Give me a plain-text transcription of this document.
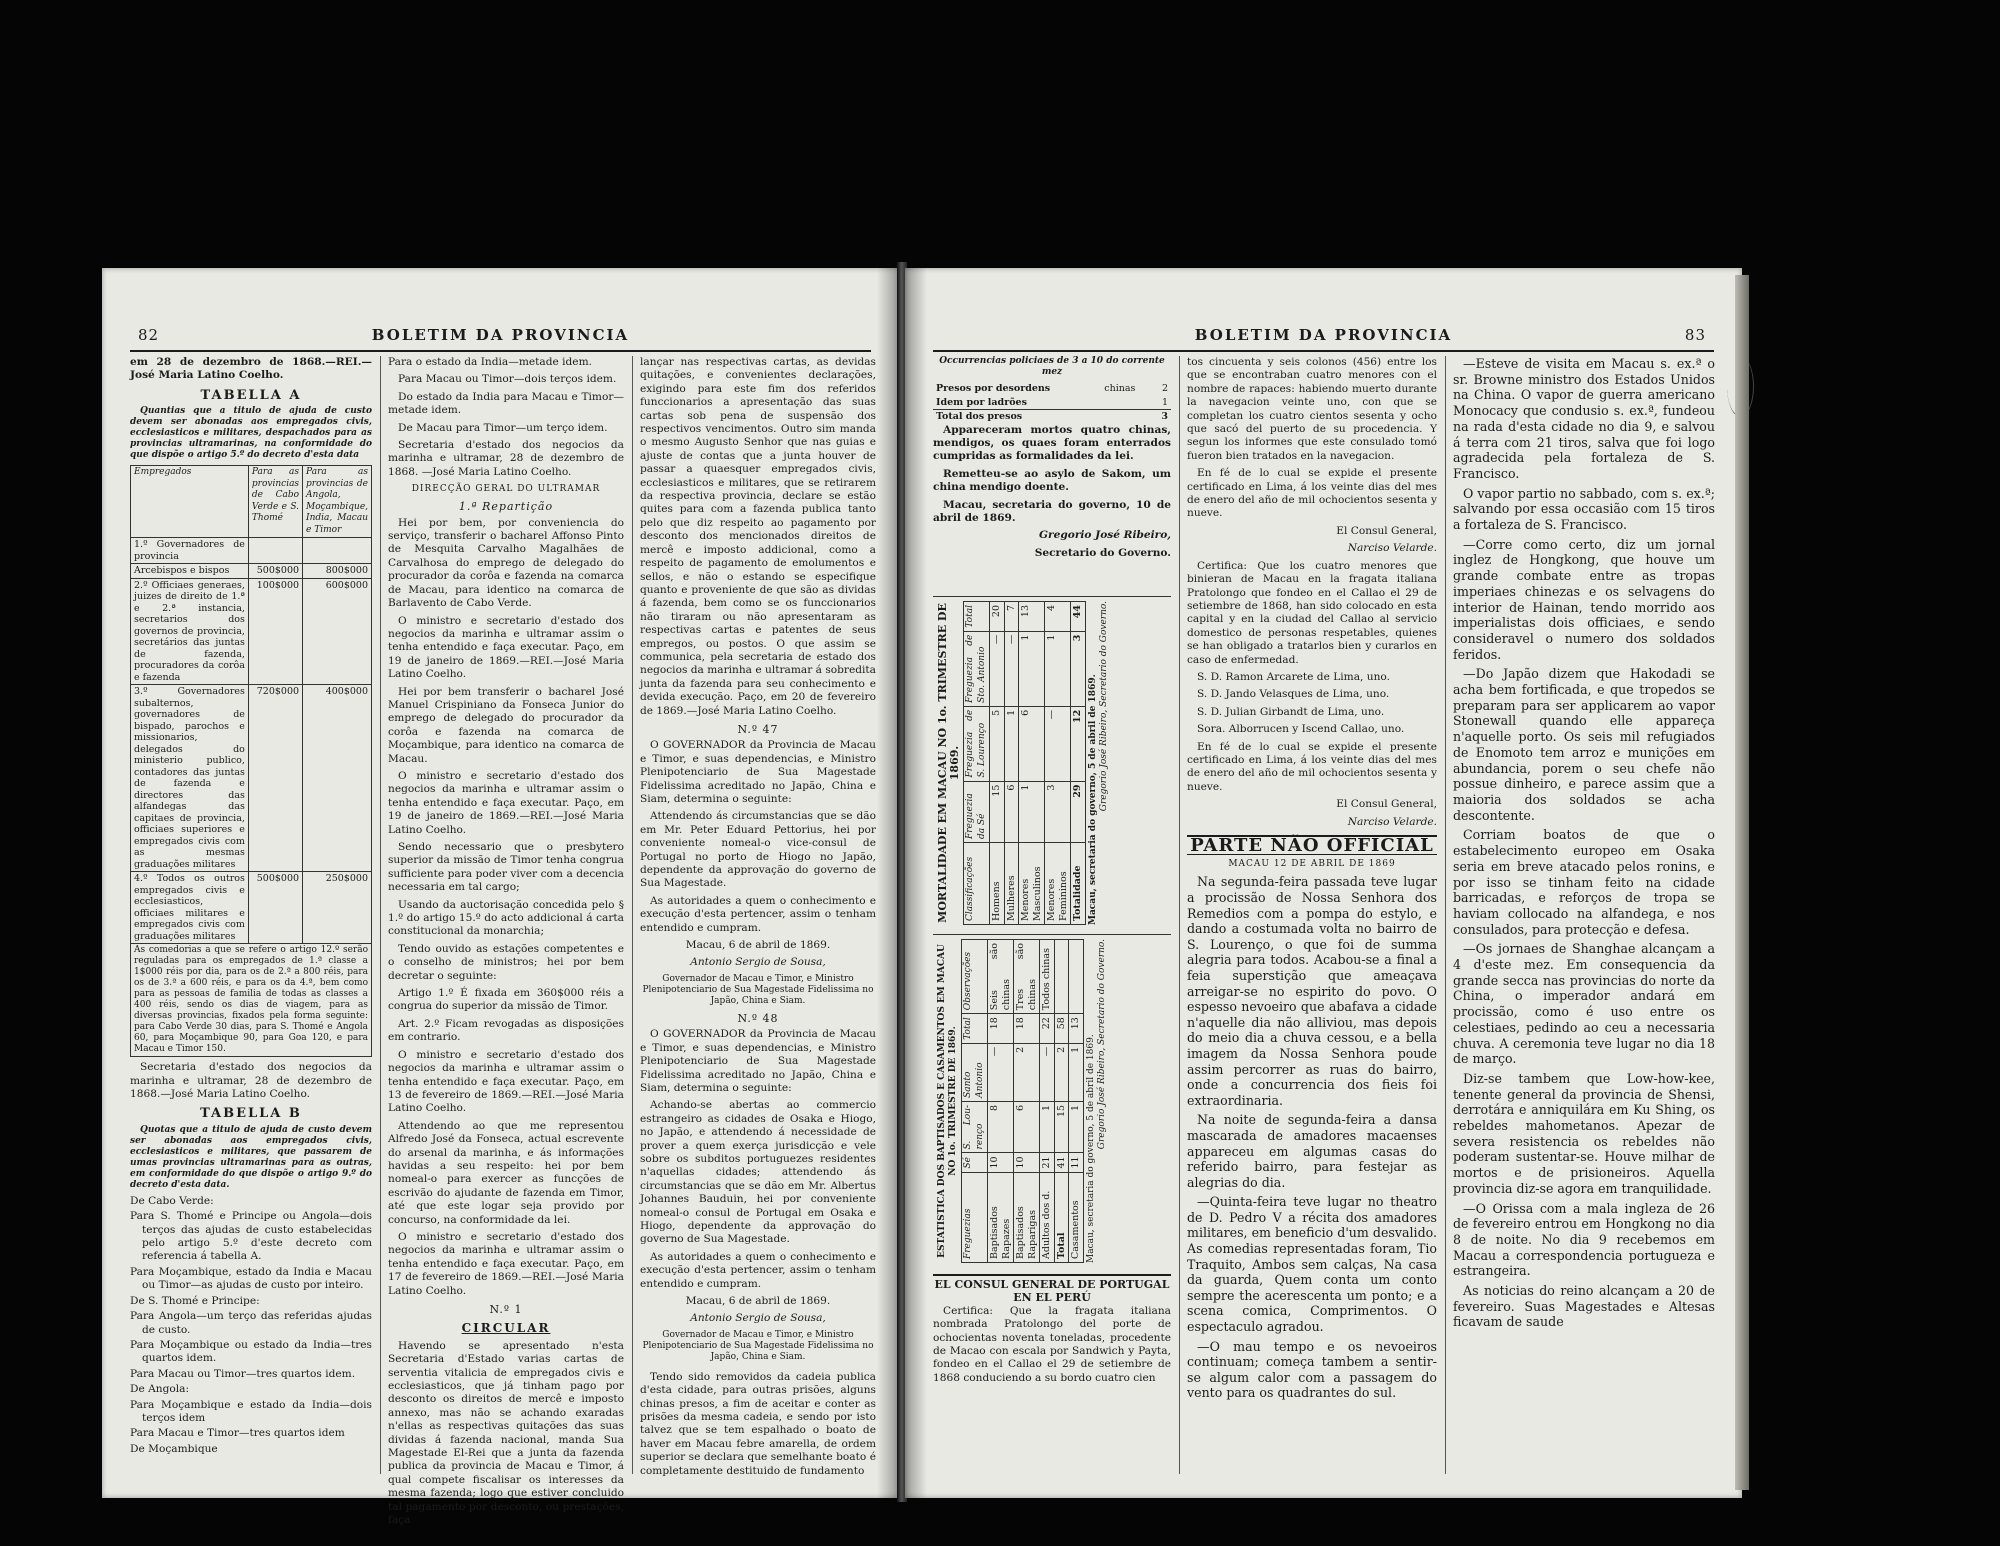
82	BOLETIM DA PROVINCIA

em 28 de dezembro de 1868.—REI.— José Maria Latino Coelho.

TABELLA A

Quantias que a titulo de ajuda de custo devem ser abonadas aos empregados civis, ecclesiasticos e militares, despachados para as provincias ultramarinas, na conformidade do que dispõe o artigo 5.º do decreto d'esta data

Empregados	Para as provincias de Cabo Verde e S. Thomé	Para as provincias de Angola, Moçambique, India, Macau e Timor
1.º Governadores de provincia		
Arcebispos e bispos	500$000	800$000
2.º Officiaes generaes, juizes de direito de 1.ª e 2.ª instancia, secretarios dos governos de provincia, secretários das juntas de fazenda, procuradores da corôa e fazenda	100$000	600$000
3.º Governadores subalternos, governadores de bispado, parochos e missionarios, delegados do ministerio publico, contadores das juntas de fazenda e directores das alfandegas das capitaes de provincia, officiaes superiores e empregados civis com as mesmas graduações militares	720$000	400$000
4.º Todos os outros empregados civis e ecclesiasticos, officiaes militares e empregados civis com graduações militares	500$000	250$000
As comedorias a que se refere o artigo 12.º serão reguladas para os empregados de 1.ª classe a 1$000 réis por dia, para os de 2.ª a 800 réis, para os de 3.ª a 600 réis, e para os da 4.ª, bem como para as pessoas de familia de todas as classes a 400 réis, sendo os dias de viagem, para as diversas provincias, fixados pela forma seguinte: para Cabo Verde 30 dias, para S. Thomé e Angola 60, para Moçambique 90, para Goa 120, e para Macau e Timor 150.		

Secretaria d'estado dos negocios da marinha e ultramar, 28 de dezembro de 1868.—José Maria Latino Coelho.

TABELLA B

Quotas que a titulo de ajuda de custo devem ser abonadas aos empregados civis, ecclesiasticos e militares, que passarem de umas provincias ultramarinas para as outras, em conformidade do que dispõe o artigo 9.º do decreto d'esta data.

De Cabo Verde:
Para S. Thomé e Principe ou Angola—dois terços das ajudas de custo estabelecidas pelo artigo 5.º d'este decreto com referencia á tabella A.
Para Moçambique, estado da India e Macau ou Timor—as ajudas de custo por inteiro.
De S. Thomé e Principe:
Para Angola—um terço das referidas ajudas de custo.
Para Moçambique ou estado da India—tres quartos idem.
Para Macau ou Timor—tres quartos idem.
De Angola:
Para Moçambique e estado da India—dois terços idem
Para Macau e Timor—tres quartos idem
De Moçambique

Para o estado da India—metade idem.

Para Macau ou Timor—dois terços idem.

Do estado da India para Macau e Timor—metade idem.

De Macau para Timor—um terço idem.

Secretaria d'estado dos negocios da marinha e ultramar, 28 de dezembro de 1868. —José Maria Latino Coelho.

DIRECÇÃO GERAL DO ULTRAMAR
1.ª Repartição

Hei por bem, por conveniencia do serviço, transferir o bacharel Affonso Pinto de Mesquita Carvalho Magalhães de Carvalhosa do emprego de delegado do procurador da corôa e fazenda na comarca de Macau, para identico na comarca de Barlavento de Cabo Verde.

O ministro e secretario d'estado dos negocios da marinha e ultramar assim o tenha entendido e faça executar. Paço, em 19 de janeiro de 1869.—REI.—José Maria Latino Coelho.

Hei por bem transferir o bacharel José Manuel Crispiniano da Fonseca Junior do emprego de delegado do procurador da corôa e fazenda na comarca de Moçambique, para identico na comarca de Macau.

O ministro e secretario d'estado dos negocios da marinha e ultramar assim o tenha entendido e faça executar. Paço, em 19 de janeiro de 1869.—REI.—José Maria Latino Coelho.

Sendo necessario que o presbytero superior da missão de Timor tenha congrua sufficiente para poder viver com a decencia necessaria em tal cargo;

Usando da auctorisação concedida pelo § 1.º do artigo 15.º do acto addicional á carta constitucional da monarchia;

Tendo ouvido as estações competentes e o conselho de ministros; hei por bem decretar o seguinte:

Artigo 1.º É fixada em 360$000 réis a congrua do superior da missão de Timor.

Art. 2.º Ficam revogadas as disposições em contrario.

O ministro e secretario d'estado dos negocios da marinha e ultramar assim o tenha entendido e faça executar. Paço, em 13 de fevereiro de 1869.—REI.—José Maria Latino Coelho.

Attendendo ao que me representou Alfredo José da Fonseca, actual escrevente do arsenal da marinha, e ás informações havidas a seu respeito: hei por bem nomeal-o para exercer as funcções de escrivão do ajudante de fazenda em Timor, até que este logar seja provido por concurso, na conformidade da lei.

O ministro e secretario d'estado dos negocios da marinha e ultramar assim o tenha entendido e faça executar. Paço, em 17 de fevereiro de 1869.—REI.—José Maria Latino Coelho.

N.º 1
CIRCULAR

Havendo se apresentado n'esta Secretaria d'Estado varias cartas de serventia vitalicia de empregados civis e ecclesiasticos, que já tinham pago por desconto os direitos de mercê e imposto annexo, mas não se achando exaradas n'ellas as respectivas quitações das suas dividas á fazenda nacional, manda Sua Magestade El-Rei que a junta da fazenda publica da provincia de Macau e Timor, á qual compete fiscalisar os interesses da mesma fazenda; logo que estiver concluido tal pagamento por desconto, ou prestações, faça

lançar nas respectivas cartas, as devidas quitações, e convenientes declarações, exigindo para este fim dos referidos funccionarios a apresentação das suas cartas sob pena de suspensão dos respectivos vencimentos. Outro sim manda o mesmo Augusto Senhor que nas guias e ajuste de contas que a junta houver de passar a quaesquer empregados civis, ecclesiasticos e militares, que se retirarem da respectiva provincia, declare se estão quites para com a fazenda publica tanto pelo que diz respeito ao pagamento por desconto dos mencionados direitos de mercê e imposto addicional, como a respeito de pagamento de emolumentos e sellos, e não o estando se especifique quanto e proveniente de que são as dividas á fazenda, bem como se os funccionarios não tiraram ou não apresentaram as respectivas cartas e patentes de seus empregos, ou postos. O que assim se communica, pela secretaria de estado dos negocios da marinha e ultramar á sobredita junta da fazenda para seu conhecimento e devida execução. Paço, em 20 de fevereiro de 1869.—José Maria Latino Coelho.

N.º 47

O GOVERNADOR da Provincia de Macau e Timor, e suas dependencias, e Ministro Plenipotenciario de Sua Magestade Fidelissima acreditado no Japão, China e Siam, determina o seguinte:

Attendendo ás circumstancias que se dão em Mr. Peter Eduard Pettorius, hei por conveniente nomeal-o vice-consul de Portugal no porto de Hiogo no Japão, dependente da approvação do governo de Sua Magestade.

As autoridades a quem o conhecimento e execução d'esta pertencer, assim o tenham entendido e cumpram.

Macau, 6 de abril de 1869.

Antonio Sergio de Sousa,

Governador de Macau e Timor, e Ministro Plenipotenciario de Sua Magestade Fidelissima no Japão, China e Siam.

N.º 48

O GOVERNADOR da Provincia de Macau e Timor, e suas dependencias, e Ministro Plenipotenciario de Sua Magestade Fidelissima acreditado no Japão, China e Siam, determina o seguinte:

Achando-se abertas ao commercio estrangeiro as cidades de Osaka e Hiogo, no Japão, e attendendo á necessidade de prover a quem exerça jurisdicção e vele sobre os subditos portuguezes residentes n'aquellas cidades; attendendo ás circumstancias que se dão em Mr. Albertus Johannes Bauduin, hei por conveniente nomeal-o consul de Portugal em Osaka e Hiogo, dependente da approvação do governo de Sua Magestade.

As autoridades a quem o conhecimento e execução d'esta pertencer, assim o tenham entendido e cumpram.

Macau, 6 de abril de 1869.

Antonio Sergio de Sousa,

Governador de Macau e Timor, e Ministro Plenipotenciario de Sua Magestade Fidelissima no Japão, China e Siam.

Tendo sido removidos da cadeia publica d'esta cidade, para outras prisões, alguns chinas presos, a fim de aceitar e conter as prisões da mesma cadeia, e sendo por isto talvez que se tem espalhado o boato de haver em Macau febre amarella, de ordem superior se declara que semelhante boato é completamente destituido de fundamento

BOLETIM DA PROVINCIA	83

Occurrencias policiaes de 3 a 10 do corrente mez

Presos por desordens	chinas	2
Idem por ladrões		1
Total dos presos		3

Appareceram mortos quatro chinas, mendigos, os quaes foram enterrados cumpridas as formalidades da lei.

Remetteu-se ao asylo de Sakom, um china mendigo doente.

Macau, secretaria do governo, 10 de abril de 1869.

Gregorio José Ribeiro,

Secretario do Governo.

MORTALIDADE EM MACAU NO 1o. TRIMESTRE DE 1869.
Classificações	Freguezia da Sé	Freguezia de S. Lourenço	Freguezia de Sto. Antonio	Total
Homens	15	5	—	20
Mulheres	6	1	—	7
Menores Masculinos	1	6	1	13
Menores Femininos	3	—	1	4
Totalidade	29	12	3	44
Macau, secretaria do governo, 5 de abril de 1869. Gregorio José Ribeiro, Secretario do Governo.
ESTATISTICA DOS BAPTISADOS E CASAMENTOS EM MACAU NO 1o. TRIMESTRE DE 1869.
Freguezias	Sé	S. Lou- renço	Santo Antonio	Total	Observações
Baptisados Rapazes	10	8	—	18	Seis são chinas
Baptisados Raparigas	10	6	2	18	Tres são chinas
Adultos dos d.	21	1	—	22	Todos chinas
Total	41	15	2	58	
Casamentos	11	1	1	13	
Macau, secretaria do governo, 5 de abril de 1869. Gregorio José Ribeiro, Secretario do Governo.
EL CONSUL GENERAL DE PORTUGAL EN EL PERÚ

Certifica: Que la fragata italiana nombrada Pratolongo del porte de ochocientas noventa toneladas, procedente de Macao con escala por Sandwich y Payta, fondeo en el Callao el 29 de setiembre de 1868 conduciendo a su bordo cuatro cien

tos cincuenta y seis colonos (456) entre los que se encontraban cuatro menores con el nombre de rapaces: habiendo muerto durante la navegacion veinte uno, con que se completan los cuatro cientos sesenta y ocho que sacó del puerto de su procedencia. Y segun los informes que este consulado tomó fueron bien tratados en la navegacion.

En fé de lo cual se expide el presente certificado en Lima, á los veinte dias del mes de enero del año de mil ochocientos sesenta y nueve.

El Consul General,

Narciso Velarde.

Certifica: Que los cuatro menores que binieran de Macau en la fragata italiana Pratolongo que fondeo en el Callao el 29 de setiembre de 1868, han sido colocado en esta capital y en la ciudad del Callao al servicio domestico de personas respetables, quienes se han obligado a tratarlos bien y curarlos en caso de enfermedad.

S. D. Ramon Arcarete de Lima, uno.

S. D. Jando Velasques de Lima, uno.

S. D. Julian Girbandt de Lima, uno.

Sora. Alborrucen y Iscend Callao, uno.

En fé de lo cual se expide el presente certificado en Lima, á los veinte dias del mes de enero del año de mil ochocientos sesenta y nueve.

El Consul General,

Narciso Velarde.

PARTE NÃO OFFICIAL

MACAU 12 DE ABRIL DE 1869

Na segunda-feira passada teve lugar a procissão de Nossa Senhora dos Remedios com a pompa do estylo, e dando a costumada volta no bairro de S. Lourenço, o que foi de summa alegria para todos. Acabou-se a final a feia superstição que ameaçava arreigar-se no espirito do povo. O espesso nevoeiro que abafava a cidade n'aquelle dia não alliviou, mas depois do meio dia a chuva cessou, e a bella imagem da Nossa Senhora poude assim percorrer as ruas do bairro, onde a concurrencia dos fieis foi extraordinaria.

Na noite de segunda-feira a dansa mascarada de amadores macaenses appareceu em algumas casas do referido bairro, para festejar as alegrias do dia.

—Quinta-feira teve lugar no theatro de D. Pedro V a récita dos amadores militares, em beneficio d'um desvalido. As comedias representadas foram, Tio Traquito, Ambos sem calças, Na casa da guarda, Quem conta um conto sempre the acerescenta um ponto; e a scena comica, Comprimentos. O espectaculo agradou.

—O mau tempo e os nevoeiros continuam; começa tambem a sentir-se algum calor com a passagem do vento para os quadrantes do sul.

—Esteve de visita em Macau s. ex.ª o sr. Browne ministro dos Estados Unidos na China. O vapor de guerra americano Monocacy que condusio s. ex.ª, fundeou na rada d'esta cidade no dia 9, e salvou á terra com 21 tiros, salva que foi logo agradecida pela fortaleza de S. Francisco.

O vapor partio no sabbado, com s. ex.ª; salvando por essa occasião com 15 tiros a fortaleza de S. Francisco.

—Corre como certo, diz um jornal inglez de Hongkong, que houve um grande combate entre as tropas imperiaes chinezas e os selvagens do interior de Hainan, tendo morrido aos imperialistas dois officiaes, e sendo consideravel o numero dos soldados feridos.

—Do Japão dizem que Hakodadi se acha bem fortificada, e que tropedos se preparam para ser applicarem ao vapor Stonewall quando elle appareça n'aquelle porto. Os seis mil refugiados de Enomoto tem arroz e munições em abundancia, porem o seu chefe não possue dinheiro, e parece assim que a maioria dos soldados se acha descontente.

Corriam boatos de que o estabelecimento europeo em Osaka seria em breve atacado pelos ronins, e por isso se tinham feito na cidade barricadas, e reforços de tropa se haviam collocado na alfandega, e nos consulados, para protecção e defesa.

—Os jornaes de Shanghae alcançam a 4 d'este mez. Em consequencia da grande secca nas provincias do norte da China, o imperador andará em procissão, como é uso entre os celestiaes, pedindo ao ceu a necessaria chuva. A ceremonia teve lugar no dia 18 de março.

Diz-se tambem que Low-how-kee, tenente general da provincia de Shensi, derrotára e anniquilára em Ku Shing, os rebeldes mahometanos. Apezar de severa resistencia os rebeldes não poderam sustentar-se. Houve milhar de mortos e de prisioneiros. Aquella provincia diz-se agora em tranquilidade.

—O Orissa com a mala ingleza de 26 de fevereiro entrou em Hongkong no dia 8 de noite. No dia 9 recebemos em Macau a correspondencia portugueza e estrangeira.

As noticias do reino alcançam a 20 de fevereiro. Suas Magestades e Altesas ficavam de saude
